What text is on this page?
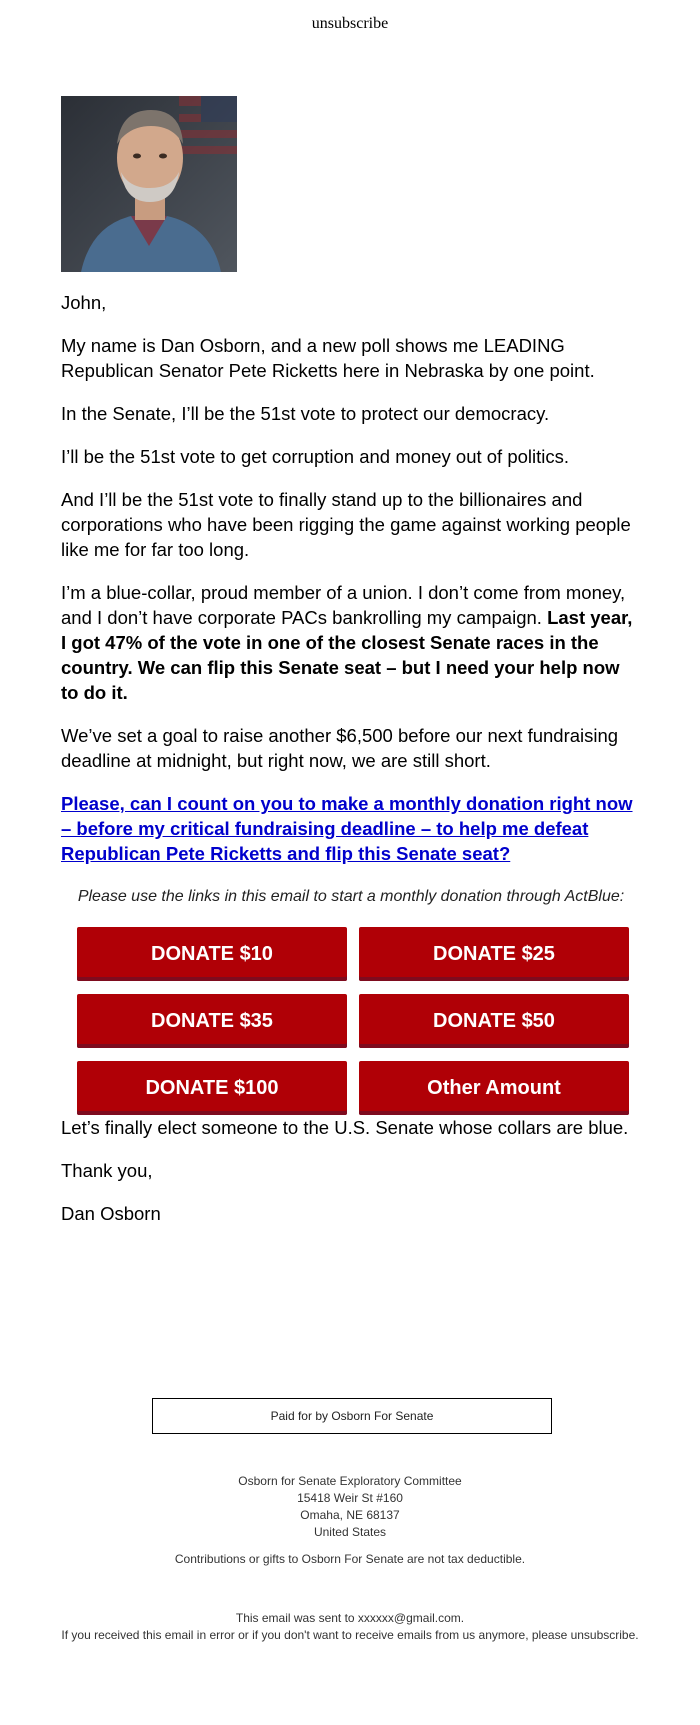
unsubscribe

John,

My name is Dan Osborn, and a new poll shows me LEADING Republican Senator Pete Ricketts here in Nebraska by one point.

In the Senate, I’ll be the 51st vote to protect our democracy.

I’ll be the 51st vote to get corruption and money out of politics.

And I’ll be the 51st vote to finally stand up to the billionaires and corporations who have been rigging the game against working people like me for far too long.

I’m a blue-collar, proud member of a union. I don’t come from money, and I don’t have corporate PACs bankrolling my campaign. Last year, I got 47% of the vote in one of the closest Senate races in the country. We can flip this Senate seat – but I need your help now to do it.

We’ve set a goal to raise another $6,500 before our next fundraising deadline at midnight, but right now, we are still short.

Please, can I count on you to make a monthly donation right now – before my critical fundraising deadline – to help me defeat Republican Pete Ricketts and flip this Senate seat?

Please use the links in this email to start a monthly donation through ActBlue:

DONATE $10	DONATE $25
DONATE $35	DONATE $50
DONATE $100	Other Amount

Let’s finally elect someone to the U.S. Senate whose collars are blue.

Thank you,

Dan Osborn

Paid for by Osborn For Senate
Osborn for Senate Exploratory Committee
15418 Weir St #160
Omaha, NE 68137
United States
Contributions or gifts to Osborn For Senate are not tax deductible.
This email was sent to xxxxxx@gmail.com.
If you received this email in error or if you don't want to receive emails from us anymore, please unsubscribe.
